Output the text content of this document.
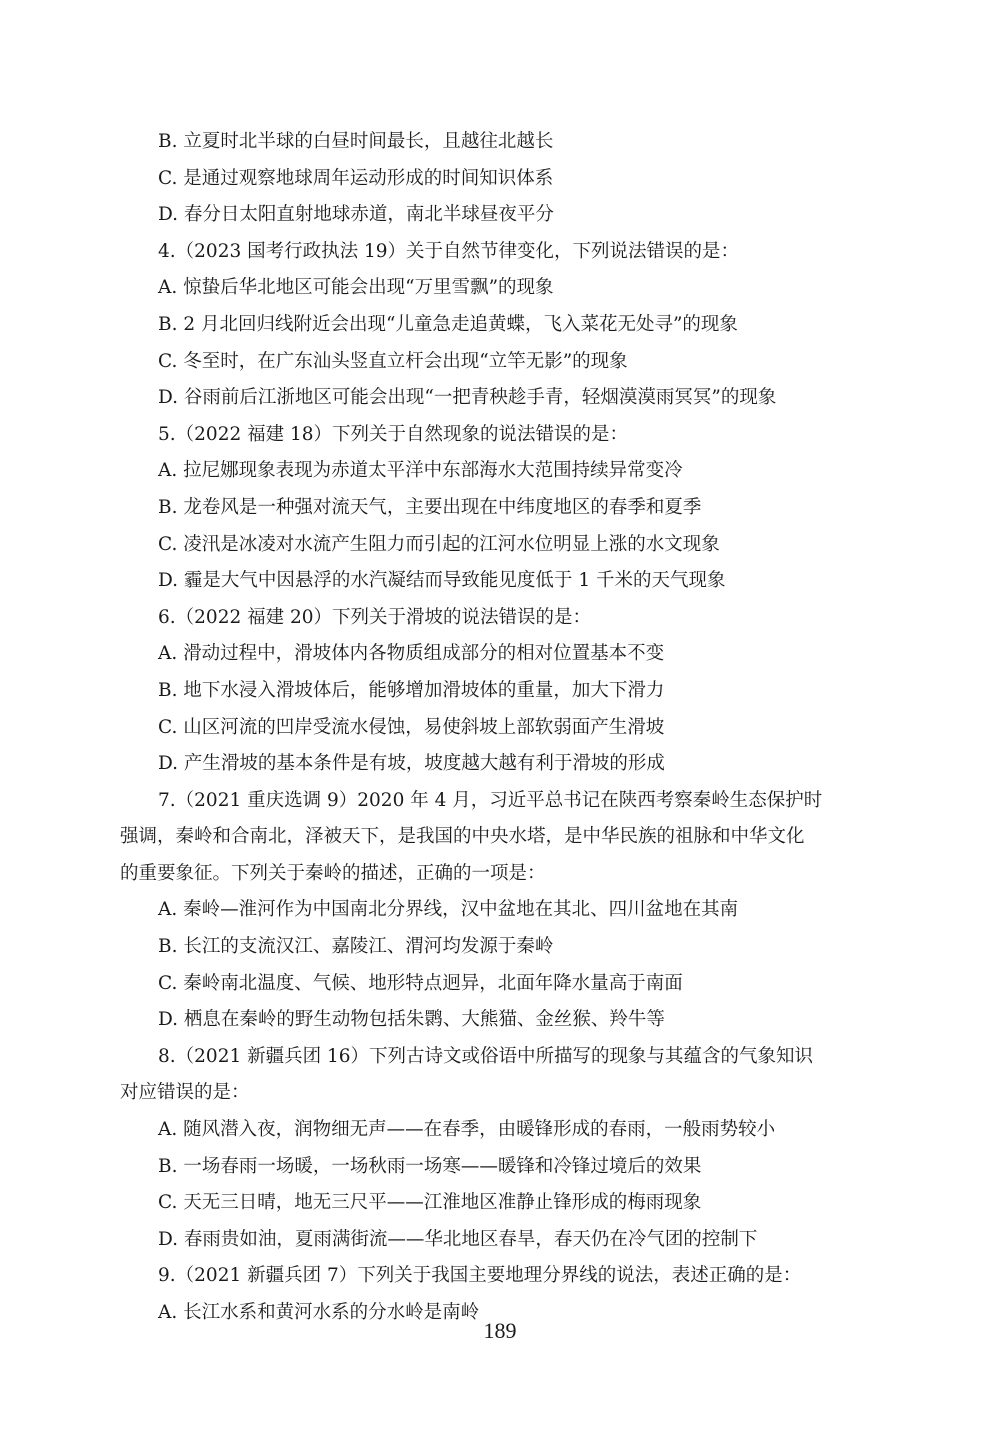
B. 立夏时北半球的白昼时间最长，且越往北越长
C. 是通过观察地球周年运动形成的时间知识体系
D. 春分日太阳直射地球赤道，南北半球昼夜平分
4.（2023 国考行政执法 19）关于自然节律变化，下列说法错误的是：
A. 惊蛰后华北地区可能会出现“万里雪飘”的现象
B. 2 月北回归线附近会出现“儿童急走追黄蝶，飞入菜花无处寻”的现象
C. 冬至时，在广东汕头竖直立杆会出现“立竿无影”的现象
D. 谷雨前后江浙地区可能会出现“一把青秧趁手青，轻烟漠漠雨冥冥”的现象
5.（2022 福建 18）下列关于自然现象的说法错误的是：
A. 拉尼娜现象表现为赤道太平洋中东部海水大范围持续异常变冷
B. 龙卷风是一种强对流天气，主要出现在中纬度地区的春季和夏季
C. 凌汛是冰凌对水流产生阻力而引起的江河水位明显上涨的水文现象
D. 霾是大气中因悬浮的水汽凝结而导致能见度低于 1 千米的天气现象
6.（2022 福建 20）下列关于滑坡的说法错误的是：
A. 滑动过程中，滑坡体内各物质组成部分的相对位置基本不变
B. 地下水浸入滑坡体后，能够增加滑坡体的重量，加大下滑力
C. 山区河流的凹岸受流水侵蚀，易使斜坡上部软弱面产生滑坡
D. 产生滑坡的基本条件是有坡，坡度越大越有利于滑坡的形成
7.（2021 重庆选调 9）2020 年 4 月，习近平总书记在陕西考察秦岭生态保护时
强调，秦岭和合南北，泽被天下，是我国的中央水塔，是中华民族的祖脉和中华文化
的重要象征。下列关于秦岭的描述，正确的一项是：
A. 秦岭—淮河作为中国南北分界线，汉中盆地在其北、四川盆地在其南
B. 长江的支流汉江、嘉陵江、渭河均发源于秦岭
C. 秦岭南北温度、气候、地形特点迥异，北面年降水量高于南面
D. 栖息在秦岭的野生动物包括朱鹮、大熊猫、金丝猴、羚牛等
8.（2021 新疆兵团 16）下列古诗文或俗语中所描写的现象与其蕴含的气象知识
对应错误的是：
A. 随风潜入夜，润物细无声——在春季，由暖锋形成的春雨，一般雨势较小
B. 一场春雨一场暖，一场秋雨一场寒——暖锋和冷锋过境后的效果
C. 天无三日晴，地无三尺平——江淮地区准静止锋形成的梅雨现象
D. 春雨贵如油，夏雨满街流——华北地区春旱，春天仍在冷气团的控制下
9.（2021 新疆兵团 7）下列关于我国主要地理分界线的说法，表述正确的是：
A. 长江水系和黄河水系的分水岭是南岭
189
